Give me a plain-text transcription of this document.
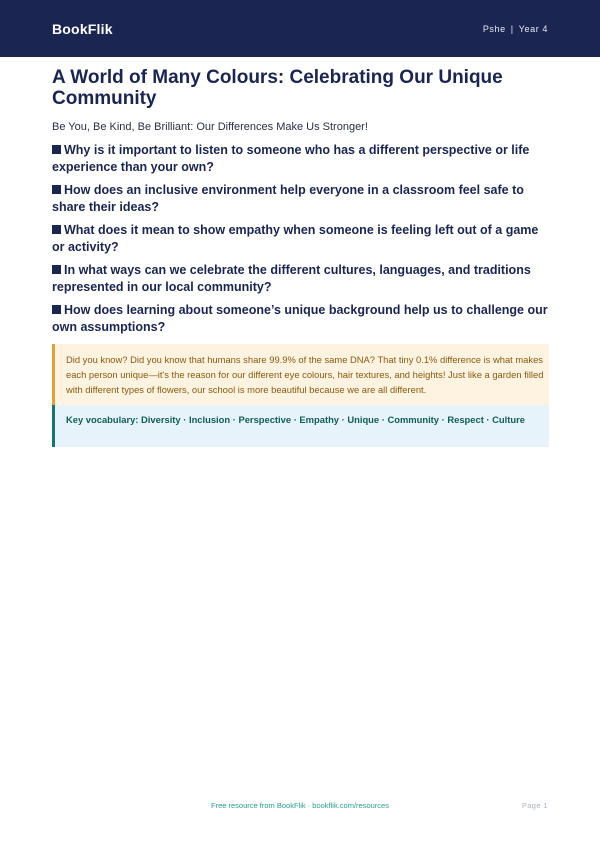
BookFlik	Pshe | Year 4
A World of Many Colours: Celebrating Our Unique Community

Be You, Be Kind, Be Brilliant: Our Differences Make Us Stronger!

Why is it important to listen to someone who has a different perspective or life experience than your own?

How does an inclusive environment help everyone in a classroom feel safe to share their ideas?

What does it mean to show empathy when someone is feeling left out of a game or activity?

In what ways can we celebrate the different cultures, languages, and traditions represented in our local community?

How does learning about someone’s unique background help us to challenge our own assumptions?

Did you know? Did you know that humans share 99.9% of the same DNA? That tiny 0.1% difference is what makes each person unique—it's the reason for our different eye colours, hair textures, and heights! Just like a garden filled with different types of flowers, our school is more beautiful because we are all different.

Key vocabulary: Diversity · Inclusion · Perspective · Empathy · Unique · Community · Respect · Culture

Free resource from BookFlik · bookflik.com/resources	Page 1
